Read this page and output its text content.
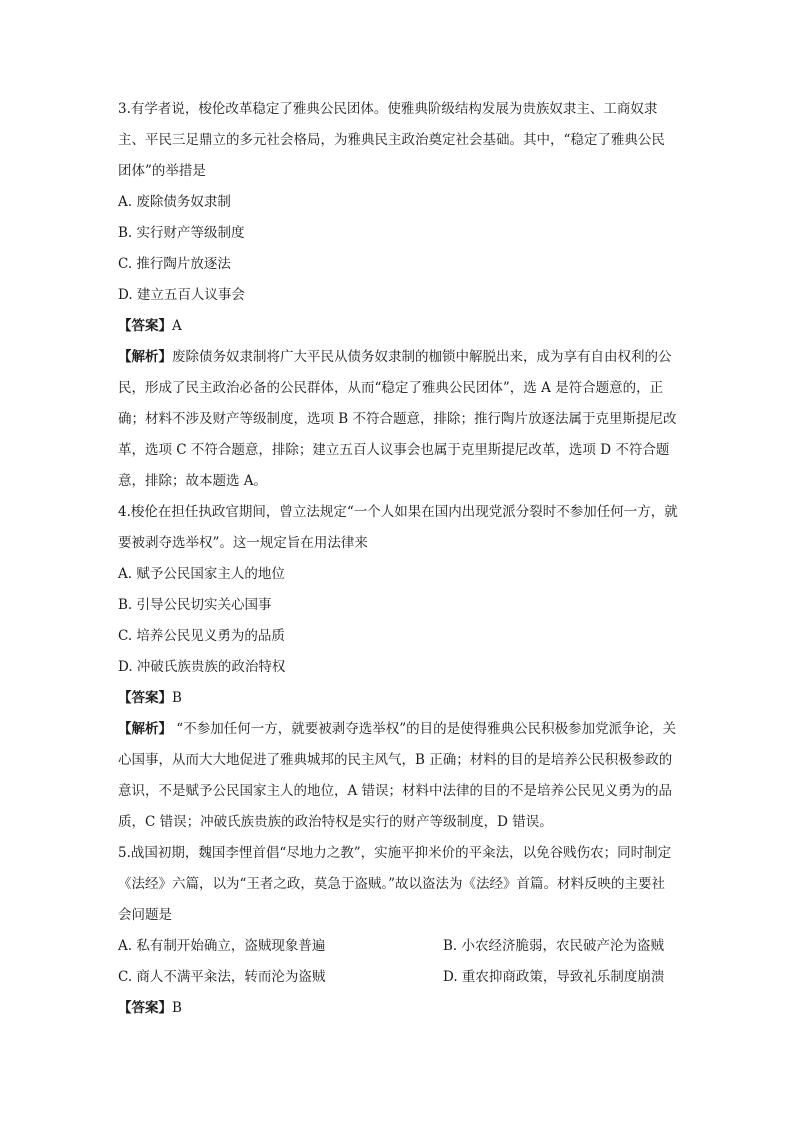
3.有学者说，梭伦改革稳定了雅典公民团体。使雅典阶级结构发展为贵族奴隶主、工商奴隶主、平民三足鼎立的多元社会格局，为雅典民主政治奠定社会基础。其中，“稳定了雅典公民团体”的举措是

A. 废除债务奴隶制

B. 实行财产等级制度

C. 推行陶片放逐法

D. 建立五百人议事会

【答案】A

【解析】废除债务奴隶制将广大平民从债务奴隶制的枷锁中解脱出来，成为享有自由权利的公民，形成了民主政治必备的公民群体，从而“稳定了雅典公民团体”，选 A 是符合题意的，正确；材料不涉及财产等级制度，选项 B 不符合题意，排除；推行陶片放逐法属于克里斯提尼改革，选项 C 不符合题意，排除；建立五百人议事会也属于克里斯提尼改革，选项 D 不符合题意，排除；故本题选 A。

4.梭伦在担任执政官期间，曾立法规定“一个人如果在国内出现党派分裂时不参加任何一方，就要被剥夺选举权”。这一规定旨在用法律来

A. 赋予公民国家主人的地位

B. 引导公民切实关心国事

C. 培养公民见义勇为的品质

D. 冲破氏族贵族的政治特权

【答案】B

【解析】 “不参加任何一方，就要被剥夺选举权”的目的是使得雅典公民积极参加党派争论，关心国事，从而大大地促进了雅典城邦的民主风气，B 正确；材料的目的是培养公民积极参政的意识，不是赋予公民国家主人的地位，A 错误；材料中法律的目的不是培养公民见义勇为的品质，C 错误；冲破氏族贵族的政治特权是实行的财产等级制度，D 错误。

5.战国初期，魏国李悝首倡“尽地力之教”，实施平抑米价的平籴法，以免谷贱伤农；同时制定《法经》六篇，以为“王者之政，莫急于盗贼。”故以盗法为《法经》首篇。材料反映的主要社会问题是

A. 私有制开始确立，盗贼现象普遍	B. 小农经济脆弱，农民破产沦为盗贼
C. 商人不满平籴法，转而沦为盗贼	D. 重农抑商政策，导致礼乐制度崩溃

【答案】B
